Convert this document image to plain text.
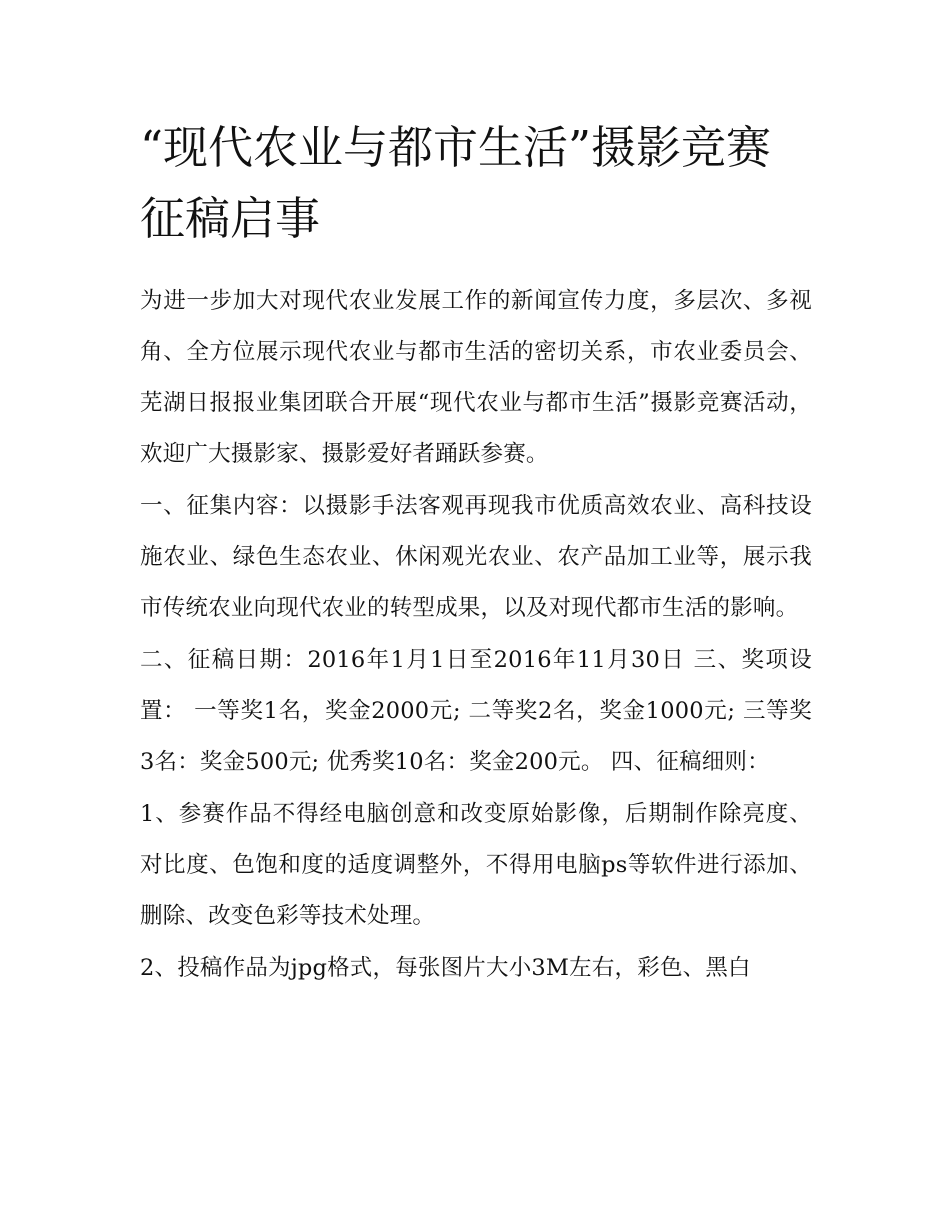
“现代农业与都市生活”摄影竞赛征稿启事

为进一步加大对现代农业发展工作的新闻宣传力度，多层次、多视角、全方位展示现代农业与都市生活的密切关系，市农业委员会、芜湖日报报业集团联合开展“现代农业与都市生活”摄影竞赛活动，欢迎广大摄影家、摄影爱好者踊跃参赛。

一、征集内容：以摄影手法客观再现我市优质高效农业、高科技设施农业、绿色生态农业、休闲观光农业、农产品加工业等，展示我市传统农业向现代农业的转型成果，以及对现代都市生活的影响。

二、征稿日期：2016年1月1日至2016年11月30日 三、奖项设置： 一等奖1名，奖金2000元; 二等奖2名，奖金1000元; 三等奖3名：奖金500元; 优秀奖10名：奖金200元。 四、征稿细则：

1、参赛作品不得经电脑创意和改变原始影像，后期制作除亮度、对比度、色饱和度的适度调整外，不得用电脑ps等软件进行添加、删除、改变色彩等技术处理。

2、投稿作品为jpg格式，每张图片大小3M左右，彩色、黑白
